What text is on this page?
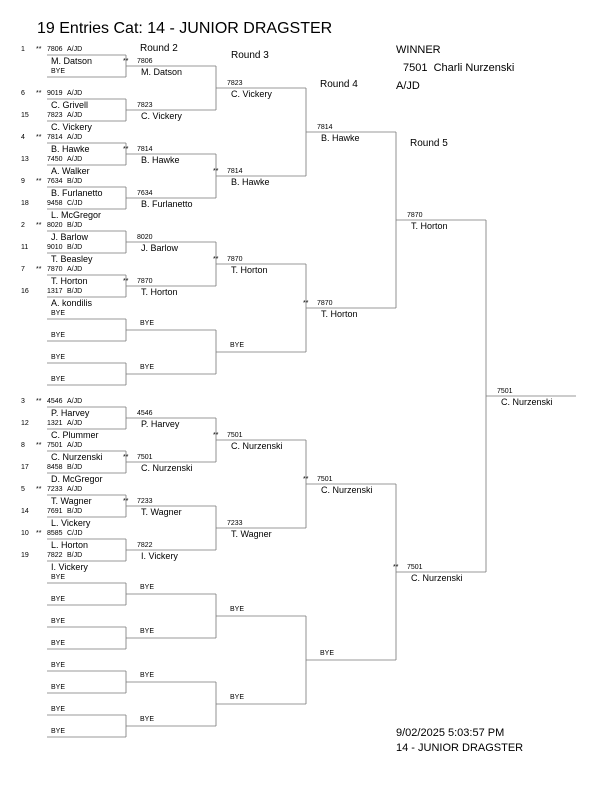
19 Entries Cat: 14 - JUNIOR DRAGSTER
Round 2
Round 3
Round 4
Round 5
WINNER
7501 Charli Nurzenski
A/JD
1 ** 7806 A/JD
M. Datson
BYE
6 ** 9019 A/JD
C. Grivell
15	7823 A/JD
C. Vickery
4 ** 7814 A/JD
B. Hawke
13	7450 A/JD
A. Walker
9 ** 7634 B/JD
B. Furlanetto
18	9458 C/JD
L. McGregor
2 ** 8020 B/JD
J. Barlow
11	9010 B/JD
T. Beasley
7 ** 7870 A/JD
T. Horton
16	1317 B/JD
A. kondilis
BYE
BYE
BYE
BYE
3 ** 4546 A/JD
P. Harvey
12	1321 A/JD
C. Plummer
8 ** 7501 A/JD
C. Nurzenski
17	8458 B/JD
D. McGregor
5 ** 7233 A/JD
T. Wagner
14	7691 B/JD
L. Vickery
10 ** 8585 C/JD
L. Horton
19	7822 B/JD
I. Vickery
BYE
BYE
BYE
BYE
BYE
BYE
BYE
BYE
** 7806
M. Datson
7823
C. Vickery
** 7814
B. Hawke
7634
B. Furlanetto
8020
J. Barlow
** 7870
T. Horton
BYE
BYE
4546
P. Harvey
** 7501
C. Nurzenski
** 7233
T. Wagner
7822
I. Vickery
BYE
BYE
BYE
BYE
7823
C. Vickery
** 7814
B. Hawke
** 7870
T. Horton
BYE
** 7501
C. Nurzenski
7233
T. Wagner
BYE
BYE
7814
B. Hawke
** 7870
T. Horton
** 7501
C. Nurzenski
BYE
7870
T. Horton
** 7501
C. Nurzenski
7501
C. Nurzenski
9/02/2025 5:03:57 PM
14 - JUNIOR DRAGSTER
